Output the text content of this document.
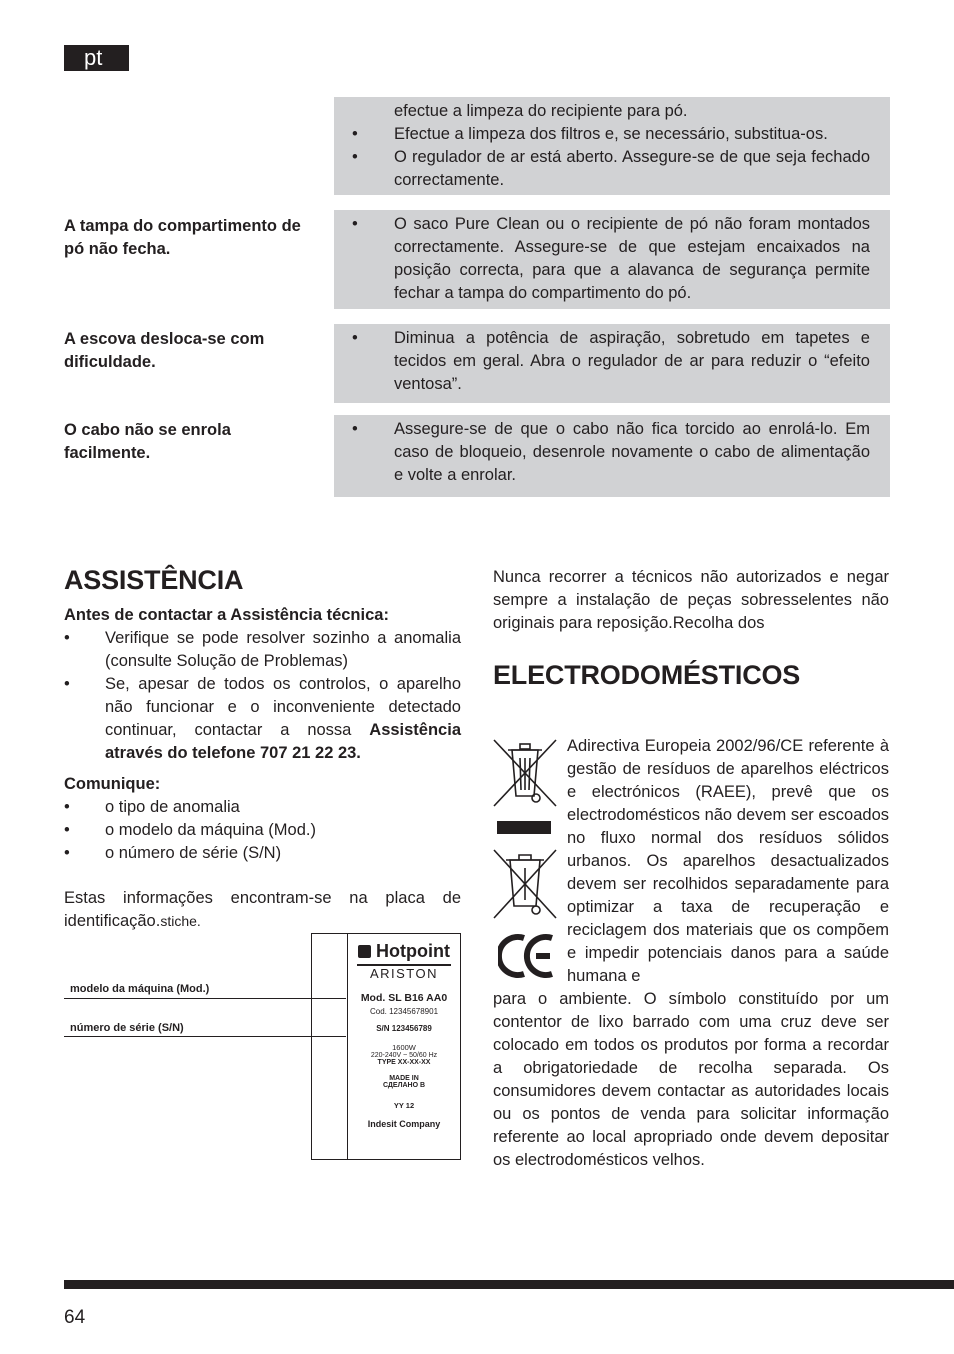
pt
efectue a limpeza do recipiente para pó.
•	Efectue a limpeza dos filtros e, se necessário, substitua-os.
•	O regulador de ar está aberto. Assegure-se de que seja fechado correctamente.
A tampa do compartimento de pó não fecha.
•	O saco Pure Clean ou o recipiente de pó não foram montados correctamente. Assegure-se de que estejam encaixados na posição correcta, para que a alavanca de segurança permite fechar a tampa do compartimento do pó.
A escova desloca-se com dificuldade.
•	Diminua a potência de aspiração, sobretudo em tapetes e tecidos em geral. Abra o regulador de ar para reduzir o “efeito ventosa”.
O cabo não se enrola facilmente.
•	Assegure-se de que o cabo não fica torcido ao enrolá-lo. Em caso de bloqueio, desenrole novamente o cabo de alimentação e volte a enrolar.
ASSISTÊNCIA
Antes de contactar a Assistência técnica:
•	Verifique se pode resolver sozinho a anomalia (consulte Solução de Problemas)
•	Se, apesar de todos os controlos, o aparelho não funcionar e o inconveniente detectado continuar, contactar a nossa Assistência através do telefone 707 21 22 23.
Comunique:
•	o tipo de anomalia
•	o modelo da máquina (Mod.)
•	o número de série (S/N)
Estas informações encontram-se na placa de identificação.stiche.
modelo da máquina (Mod.)
número de série (S/N)
Hotpoint
ARISTON
Mod. SL B16 AA0
Cod. 12345678901
S/N 123456789
1600W
220-240V ~ 50/60 Hz
TYPE XX-XX-XX
MADE IN
СДЕЛАНО В
YY 12
Indesit Company
Nunca recorrer a técnicos não autorizados e negar sempre a instalação de peças sobresselentes não originais para reposição.Recolha dos
ELECTRODOMÉSTICOS
Adirectiva Europeia 2002/96/CE referente à gestão de resíduos de aparelhos eléctricos e electrónicos (RAEE), prevê que os electrodomésticos não devem ser escoados no fluxo normal dos resíduos sólidos urbanos. Os aparelhos desactualizados devem ser recolhidos separadamente para optimizar a taxa de recuperação e reciclagem dos materiais que os compõem e impedir potenciais danos para a saúde humana e
para o ambiente. O símbolo constituído por um contentor de lixo barrado com uma cruz deve ser colocado em todos os produtos por forma a recordar a obrigatoriedade de recolha separada. Os consumidores devem contactar as autoridades locais ou os pontos de venda para solicitar informação referente ao local apropriado onde devem depositar os electrodomésticos velhos.
64
